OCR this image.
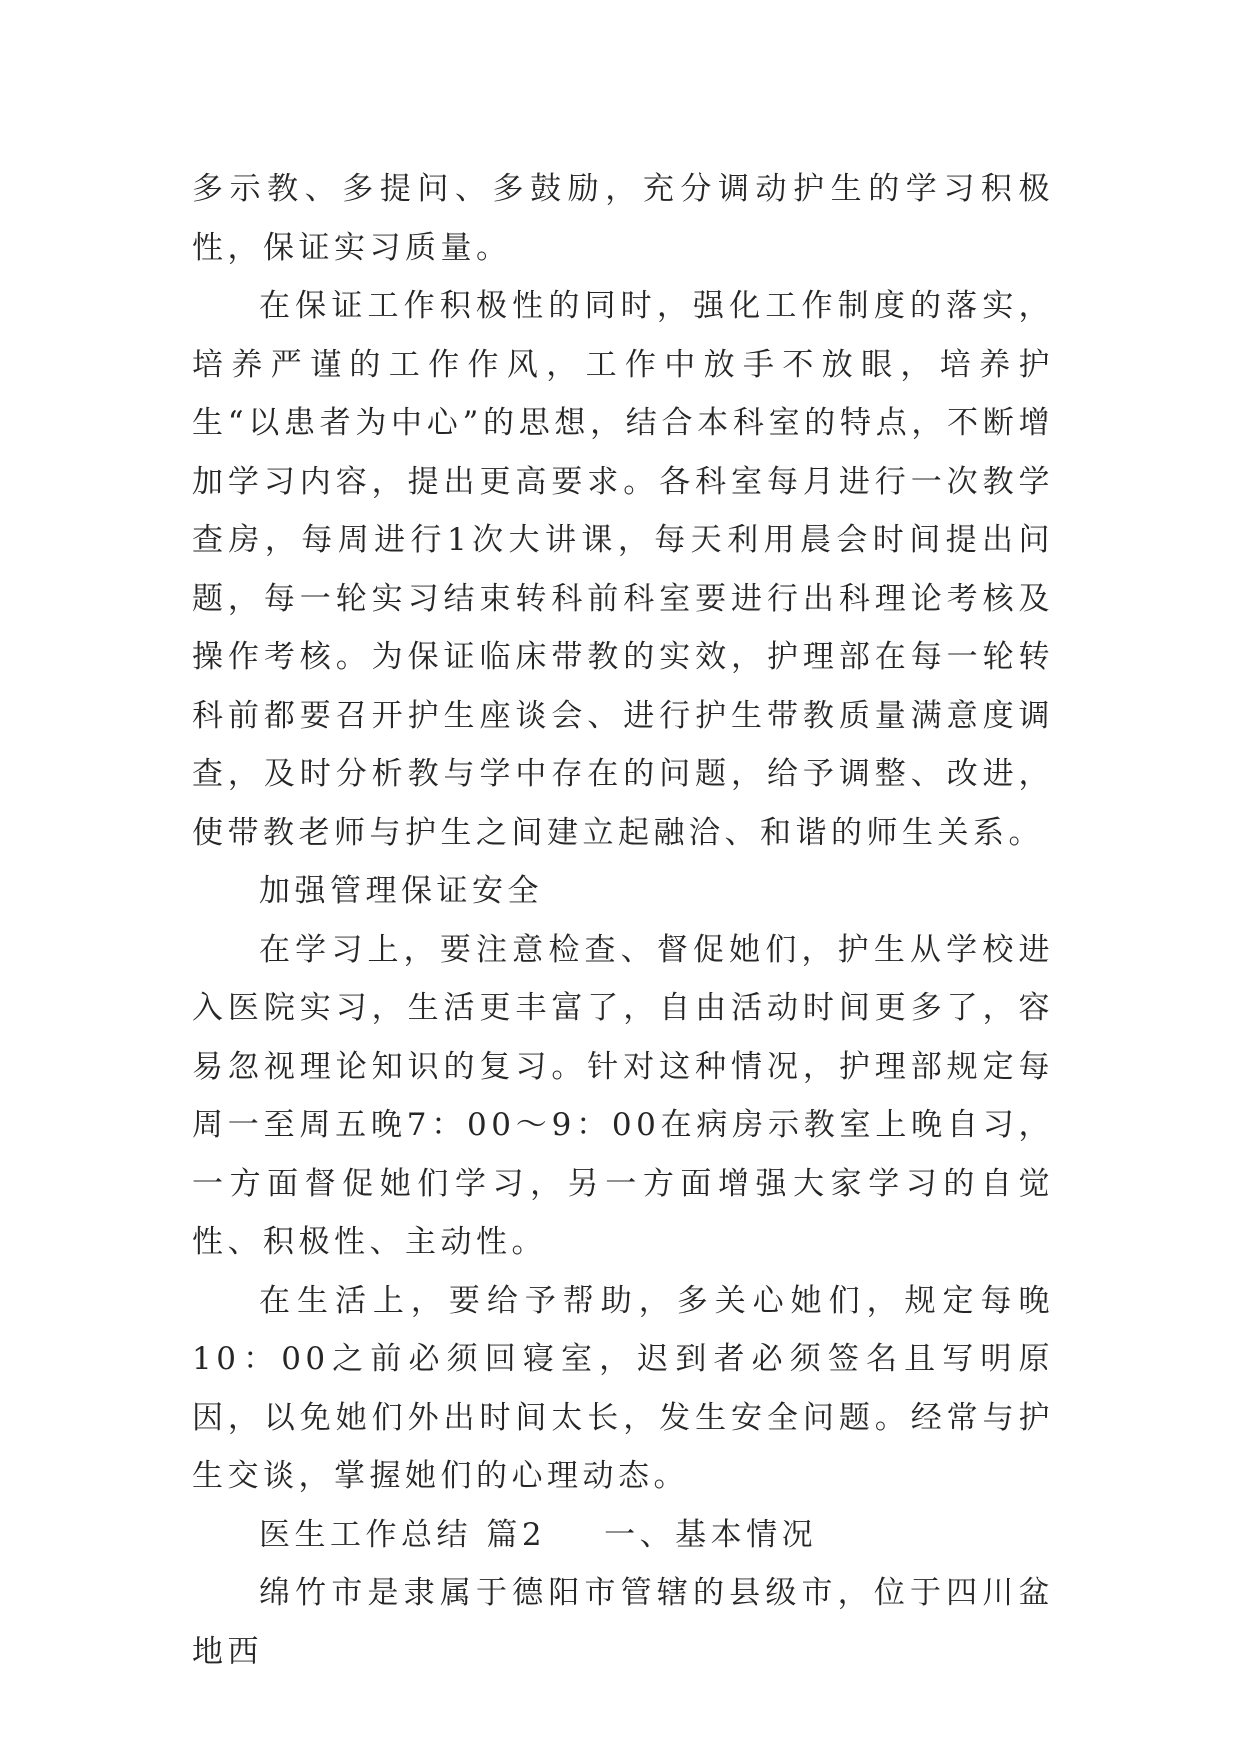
多示教、多提问、多鼓励，充分调动护生的学习积极性，保证实习质量。

在保证工作积极性的同时，强化工作制度的落实，培养严谨的工作作风，工作中放手不放眼，培养护生“以患者为中心”的思想，结合本科室的特点，不断增加学习内容，提出更高要求。各科室每月进行一次教学查房，每周进行1次大讲课，每天利用晨会时间提出问题，每一轮实习结束转科前科室要进行出科理论考核及操作考核。为保证临床带教的实效，护理部在每一轮转科前都要召开护生座谈会、进行护生带教质量满意度调查，及时分析教与学中存在的问题，给予调整、改进，使带教老师与护生之间建立起融洽、和谐的师生关系。

加强管理保证安全

在学习上，要注意检查、督促她们，护生从学校进入医院实习，生活更丰富了，自由活动时间更多了，容易忽视理论知识的复习。针对这种情况，护理部规定每周一至周五晚7：00～9：00在病房示教室上晚自习，一方面督促她们学习，另一方面增强大家学习的自觉性、积极性、主动性。

在生活上，要给予帮助，多关心她们，规定每晚10：00之前必须回寝室，迟到者必须签名且写明原因，以免她们外出时间太长，发生安全问题。经常与护生交谈，掌握她们的心理动态。

医生工作总结 篇2 一、基本情况

绵竹市是隶属于德阳市管辖的县级市，位于四川盆地西
